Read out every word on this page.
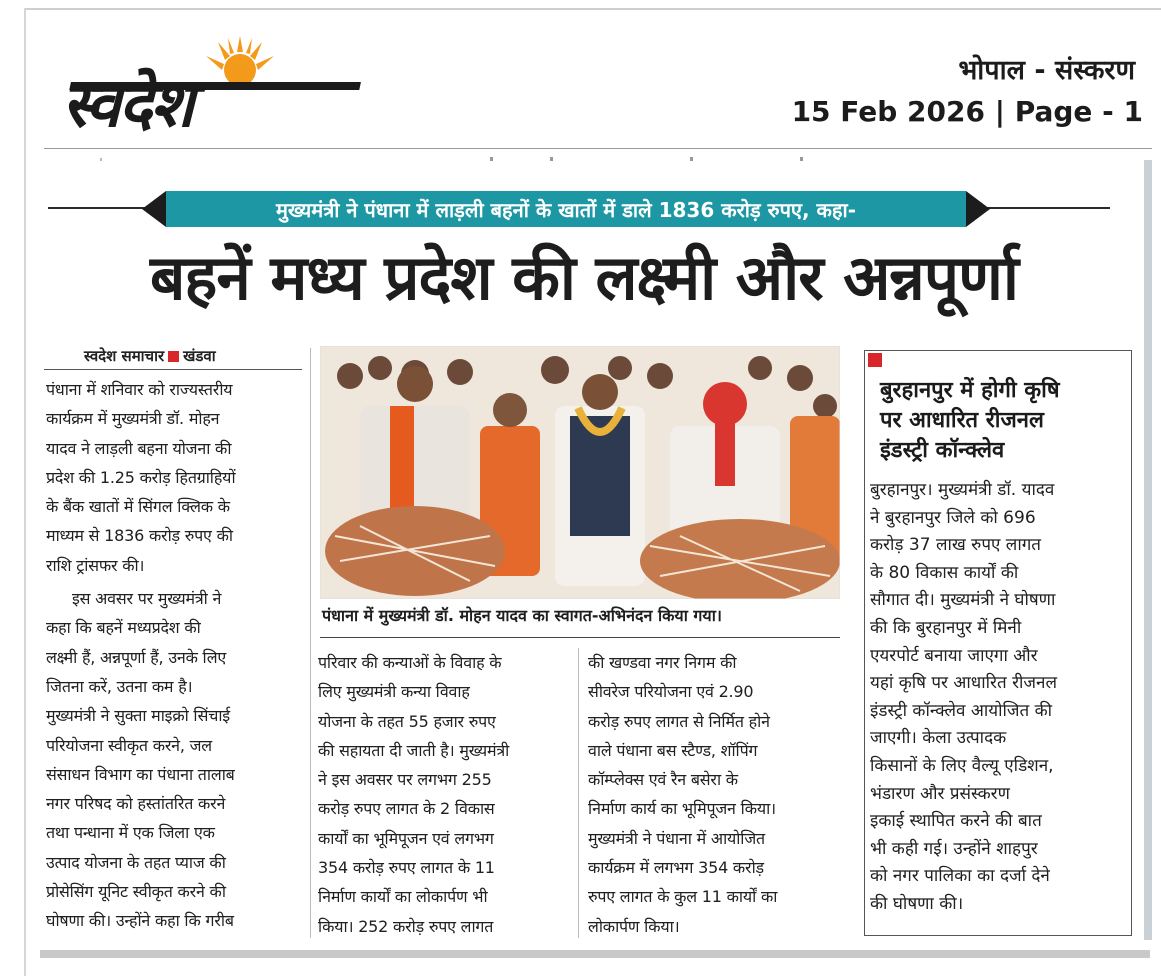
स्वदेश	भोपाल - संस्करण
15 Feb 2026 | Page - 1
मुख्यमंत्री ने पंधाना में लाड़ली बहनों के खातों में डाले 1836 करोड़ रुपए, कहा-
बहनें मध्य प्रदेश की लक्ष्मी और अन्नपूर्णा
स्वदेश समाचार खंडवा

पंधाना में शनिवार को राज्यस्तरीय

कार्यक्रम में मुख्यमंत्री डॉ. मोहन

यादव ने लाड़ली बहना योजना की

प्रदेश की 1.25 करोड़ हितग्राहियों

के बैंक खातों में सिंगल क्लिक के

माध्यम से 1836 करोड़ रुपए की

राशि ट्रांसफर की।

इस अवसर पर मुख्यमंत्री ने

कहा कि बहनें मध्यप्रदेश की

लक्ष्मी हैं, अन्नपूर्णा हैं, उनके लिए

जितना करें, उतना कम है।

मुख्यमंत्री ने सुक्ता माइक्रो सिंचाई

परियोजना स्वीकृत करने, जल

संसाधन विभाग का पंधाना तालाब

नगर परिषद को हस्तांतरित करने

तथा पन्धाना में एक जिला एक

उत्पाद योजना के तहत प्याज की

प्रोसेसिंग यूनिट स्वीकृत करने की

घोषणा की। उन्होंने कहा कि गरीब

पंधाना में मुख्यमंत्री डॉ. मोहन यादव का स्वागत-अभिनंदन किया गया।

परिवार की कन्याओं के विवाह के

लिए मुख्यमंत्री कन्या विवाह

योजना के तहत 55 हजार रुपए

की सहायता दी जाती है। मुख्यमंत्री

ने इस अवसर पर लगभग 255

करोड़ रुपए लागत के 2 विकास

कार्यों का भूमिपूजन एवं लगभग

354 करोड़ रुपए लागत के 11

निर्माण कार्यों का लोकार्पण भी

किया। 252 करोड़ रुपए लागत

की खण्डवा नगर निगम की

सीवरेज परियोजना एवं 2.90

करोड़ रुपए लागत से निर्मित होने

वाले पंधाना बस स्टैण्ड, शॉपिंग

कॉम्प्लेक्स एवं रैन बसेरा के

निर्माण कार्य का भूमिपूजन किया।

मुख्यमंत्री ने पंधाना में आयोजित

कार्यक्रम में लगभग 354 करोड़

रुपए लागत के कुल 11 कार्यों का

लोकार्पण किया।

बुरहानपुर में होगी कृषि

पर आधारित रीजनल

इंडस्ट्री कॉन्क्लेव

बुरहानपुर। मुख्यमंत्री डॉ. यादव

ने बुरहानपुर जिले को 696

करोड़ 37 लाख रुपए लागत

के 80 विकास कार्यों की

सौगात दी। मुख्यमंत्री ने घोषणा

की कि बुरहानपुर में मिनी

एयरपोर्ट बनाया जाएगा और

यहां कृषि पर आधारित रीजनल

इंडस्ट्री कॉन्क्लेव आयोजित की

जाएगी। केला उत्पादक

किसानों के लिए वैल्यू एडिशन,

भंडारण और प्रसंस्करण

इकाई स्थापित करने की बात

भी कही गई। उन्होंने शाहपुर

को नगर पालिका का दर्जा देने

की घोषणा की।
